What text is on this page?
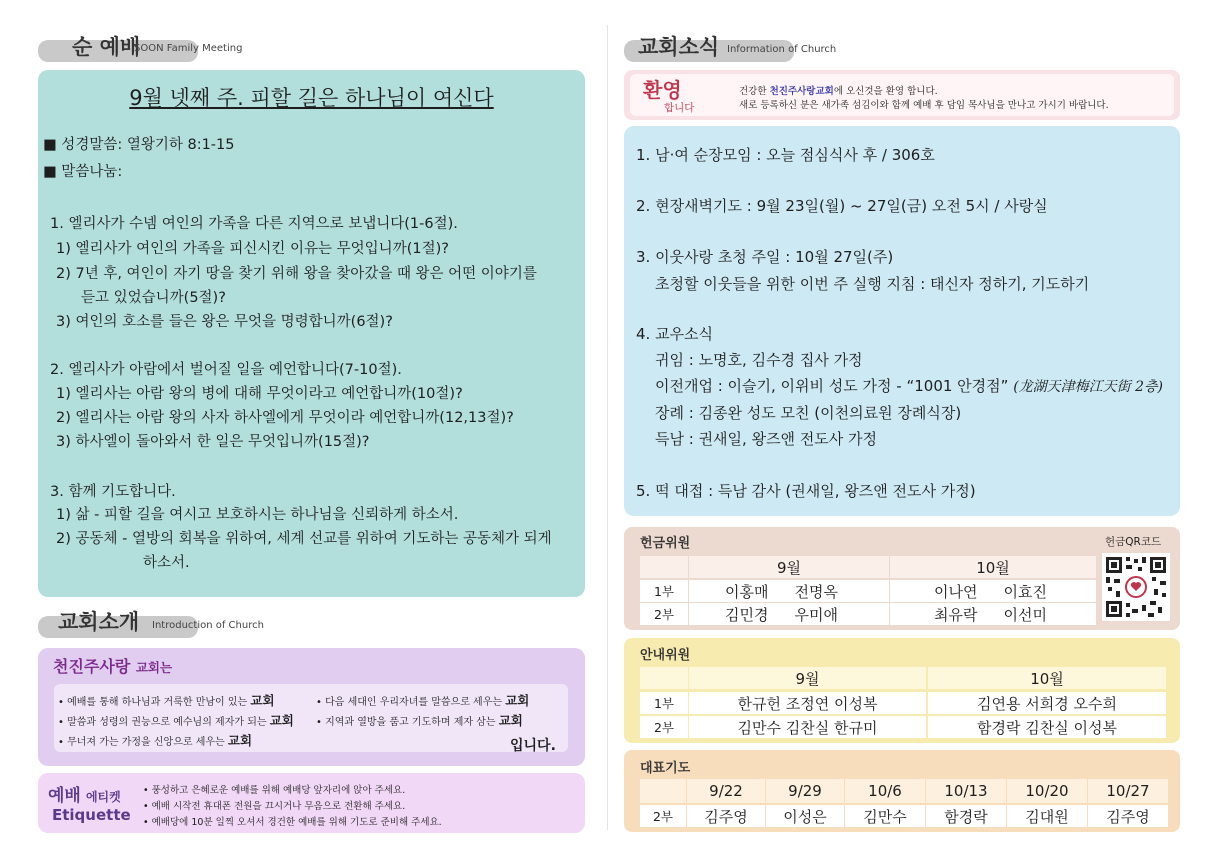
순 예배
SOON Family Meeting
9월 넷째 주. 피할 길은 하나님이 여신다
■ 성경말씀: 열왕기하 8:1-15
■ 말씀나눔:
1. 엘리사가 수넴 여인의 가족을 다른 지역으로 보냅니다(1-6절).
1) 엘리사가 여인의 가족을 피신시킨 이유는 무엇입니까(1절)?
2) 7년 후, 여인이 자기 땅을 찾기 위해 왕을 찾아갔을 때 왕은 어떤 이야기를
듣고 있었습니까(5절)?
3) 여인의 호소를 들은 왕은 무엇을 명령합니까(6절)?
2. 엘리사가 아람에서 벌어질 일을 예언합니다(7-10절).
1) 엘리사는 아람 왕의 병에 대해 무엇이라고 예언합니까(10절)?
2) 엘리사는 아람 왕의 사자 하사엘에게 무엇이라 예언합니까(12,13절)?
3) 하사엘이 돌아와서 한 일은 무엇입니까(15절)?
3. 함께 기도합니다.
1) 삶 - 피할 길을 여시고 보호하시는 하나님을 신뢰하게 하소서.
2) 공동체 - 열방의 회복을 위하여, 세계 선교를 위하여 기도하는 공동체가 되게
하소서.
교회소개 Introduction of Church
천진주사랑 교회는
• 예배를 통해 하나님과 거룩한 만남이 있는 교회
• 말씀과 성령의 권능으로 예수님의 제자가 되는 교회
• 무너져 가는 가정을 신앙으로 세우는 교회
• 다음 세대인 우리자녀를 말씀으로 세우는 교회
• 지역과 열방을 품고 기도하며 제자 삼는 교회
입니다.
예배 에티켓
Etiquette
• 풍성하고 은혜로운 예배를 위해 예배당 앞자리에 앉아 주세요.
• 예배 시작전 휴대폰 전원을 끄시거나 무음으로 전환해 주세요.
• 예배당에 10분 일찍 오셔서 경건한 예배를 위해 기도로 준비해 주세요.
교회소식 Information of Church
환영
합니다
건강한 천진주사랑교회에 오신것을 환영 합니다.
새로 등록하신 분은 새가족 섬김이와 함께 예배 후 담임 목사님을 만나고 가시기 바랍니다.
1. 남·여 순장모임 : 오늘 점심식사 후 / 306호
2. 현장새벽기도 : 9월 23일(월) ~ 27일(금) 오전 5시 / 사랑실
3. 이웃사랑 초청 주일 : 10월 27일(주)
초청할 이웃들을 위한 이번 주 실행 지침 : 태신자 정하기, 기도하기
4. 교우소식
귀임 : 노명호, 김수경 집사 가정
이전개업 : 이슬기, 이위비 성도 가정 - “1001 안경점” (龙湖天津梅江天街 2층)
장례 : 김종완 성도 모친 (이천의료원 장례식장)
득남 : 권새일, 왕즈앤 전도사 가정
5. 떡 대접 : 득남 감사 (권새일, 왕즈앤 전도사 가정)
헌금위원	헌금QR코드
9월	10월
1부	이홍매 전명옥	이나연 이효진
2부	김민경 우미애	최유락 이선미
안내위원
9월	10월
1부	한규헌 조정연 이성복	김연용 서희경 오수희
2부	김만수 김찬실 한규미	함경락 김찬실 이성복
대표기도
9/22	9/29	10/6	10/13	10/20	10/27
2부	김주영	이성은	김만수	함경락	김대원	김주영
